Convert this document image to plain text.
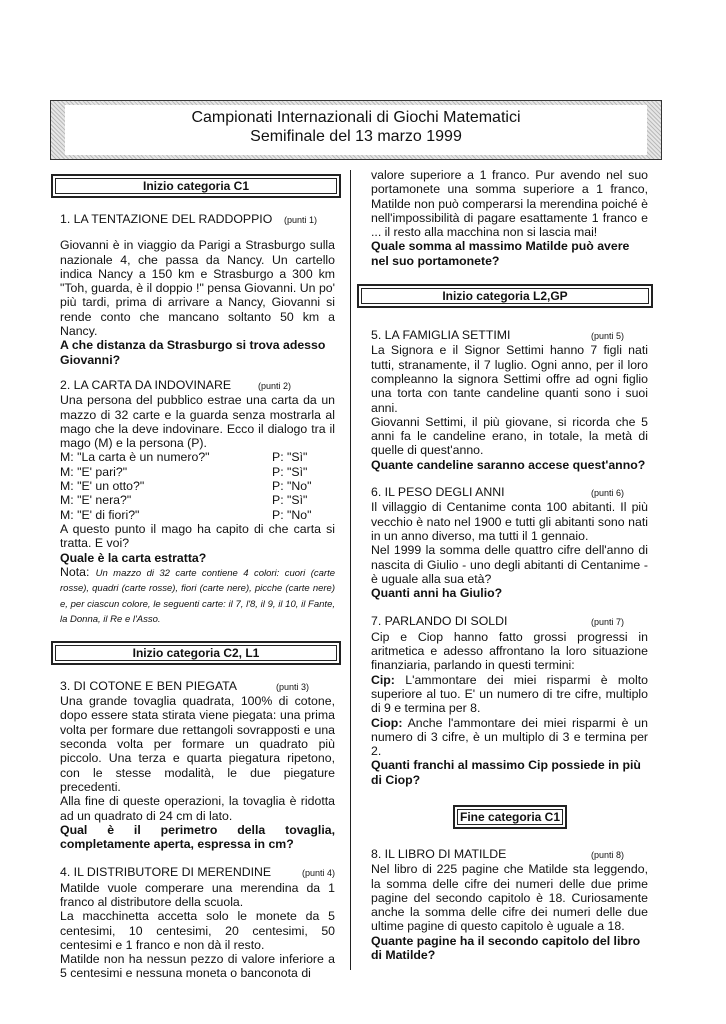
Campionati Internazionali di Giochi Matematici
Semifinale del 13 marzo 1999
Inizio categoria C1
1. LA TENTAZIONE DEL RADDOPPIO (punti 1)

Giovanni è in viaggio da Parigi a Strasburgo sulla nazionale 4, che passa da Nancy. Un cartello indica Nancy a 150 km e Strasburgo a 300 km "Toh, guarda, è il doppio !" pensa Giovanni. Un po' più tardi, prima di arrivare a Nancy, Giovanni si rende conto che mancano soltanto 50 km a Nancy.

A che distanza da Strasburgo si trova adesso Giovanni?

2. LA CARTA DA INDOVINARE	(punti 2)

Una persona del pubblico estrae una carta da un mazzo di 32 carte e la guarda senza mostrarla al mago che la deve indovinare. Ecco il dialogo tra il mago (M) e la persona (P).

M: "La carta è un numero?"	P: "Sì"
M: "E' pari?"	P: "Sì"
M: "E' un otto?"	P: "No"
M: "E' nera?"	P: "Sì"
M: "E' di fiori?"	P: "No"

A questo punto il mago ha capito di che carta si tratta. E voi?

Quale è la carta estratta?

Nota: Un mazzo di 32 carte contiene 4 colori: cuori (carte rosse), quadri (carte rosse), fiori (carte nere), picche (carte nere) e, per ciascun colore, le seguenti carte: il 7, l'8, il 9, il 10, il Fante, la Donna, il Re e l'Asso.

Inizio categoria C2, L1
3. DI COTONE E BEN PIEGATA	(punti 3)

Una grande tovaglia quadrata, 100% di cotone, dopo essere stata stirata viene piegata: una prima volta per formare due rettangoli sovrapposti e una seconda volta per formare un quadrato più piccolo. Una terza e quarta piegatura ripetono, con le stesse modalità, le due piegature precedenti.

Alla fine di queste operazioni, la tovaglia è ridotta ad un quadrato di 24 cm di lato.

Qual è il perimetro della tovaglia, completamente aperta, espressa in cm?

4. IL DISTRIBUTORE DI MERENDINE	(punti 4)

Matilde vuole comperare una merendina da 1 franco al distributore della scuola.

La macchinetta accetta solo le monete da 5 centesimi, 10 centesimi, 20 centesimi, 50 centesimi e 1 franco e non dà il resto.

Matilde non ha nessun pezzo di valore inferiore a 5 centesimi e nessuna moneta o banconota di

valore superiore a 1 franco. Pur avendo nel suo portamonete una somma superiore a 1 franco, Matilde non può comperarsi la merendina poiché è nell'impossibilità di pagare esattamente 1 franco e ... il resto alla macchina non si lascia mai!

Quale somma al massimo Matilde può avere nel suo portamonete?

Inizio categoria L2,GP
5. LA FAMIGLIA SETTIMI	(punti 5)

La Signora e il Signor Settimi hanno 7 figli nati tutti, stranamente, il 7 luglio. Ogni anno, per il loro compleanno la signora Settimi offre ad ogni figlio una torta con tante candeline quanti sono i suoi anni.

Giovanni Settimi, il più giovane, si ricorda che 5 anni fa le candeline erano, in totale, la metà di quelle di quest'anno.

Quante candeline saranno accese quest'anno?

6. IL PESO DEGLI ANNI	(punti 6)

Il villaggio di Centanime conta 100 abitanti. Il più vecchio è nato nel 1900 e tutti gli abitanti sono nati in un anno diverso, ma tutti il 1 gennaio.

Nel 1999 la somma delle quattro cifre dell'anno di nascita di Giulio - uno degli abitanti di Centanime - è uguale alla sua età?

Quanti anni ha Giulio?

7. PARLANDO DI SOLDI	(punti 7)

Cip e Ciop hanno fatto grossi progressi in aritmetica e adesso affrontano la loro situazione finanziaria, parlando in questi termini:

Cip: L'ammontare dei miei risparmi è molto superiore al tuo. E' un numero di tre cifre, multiplo di 9 e termina per 8.

Ciop: Anche l'ammontare dei miei risparmi è un numero di 3 cifre, è un multiplo di 3 e termina per 2.

Quanti franchi al massimo Cip possiede in più di Ciop?

Fine categoria C1
8. IL LIBRO DI MATILDE	(punti 8)

Nel libro di 225 pagine che Matilde sta leggendo, la somma delle cifre dei numeri delle due prime pagine del secondo capitolo è 18. Curiosamente anche la somma delle cifre dei numeri delle due ultime pagine di questo capitolo è uguale a 18.

Quante pagine ha il secondo capitolo del libro di Matilde?
